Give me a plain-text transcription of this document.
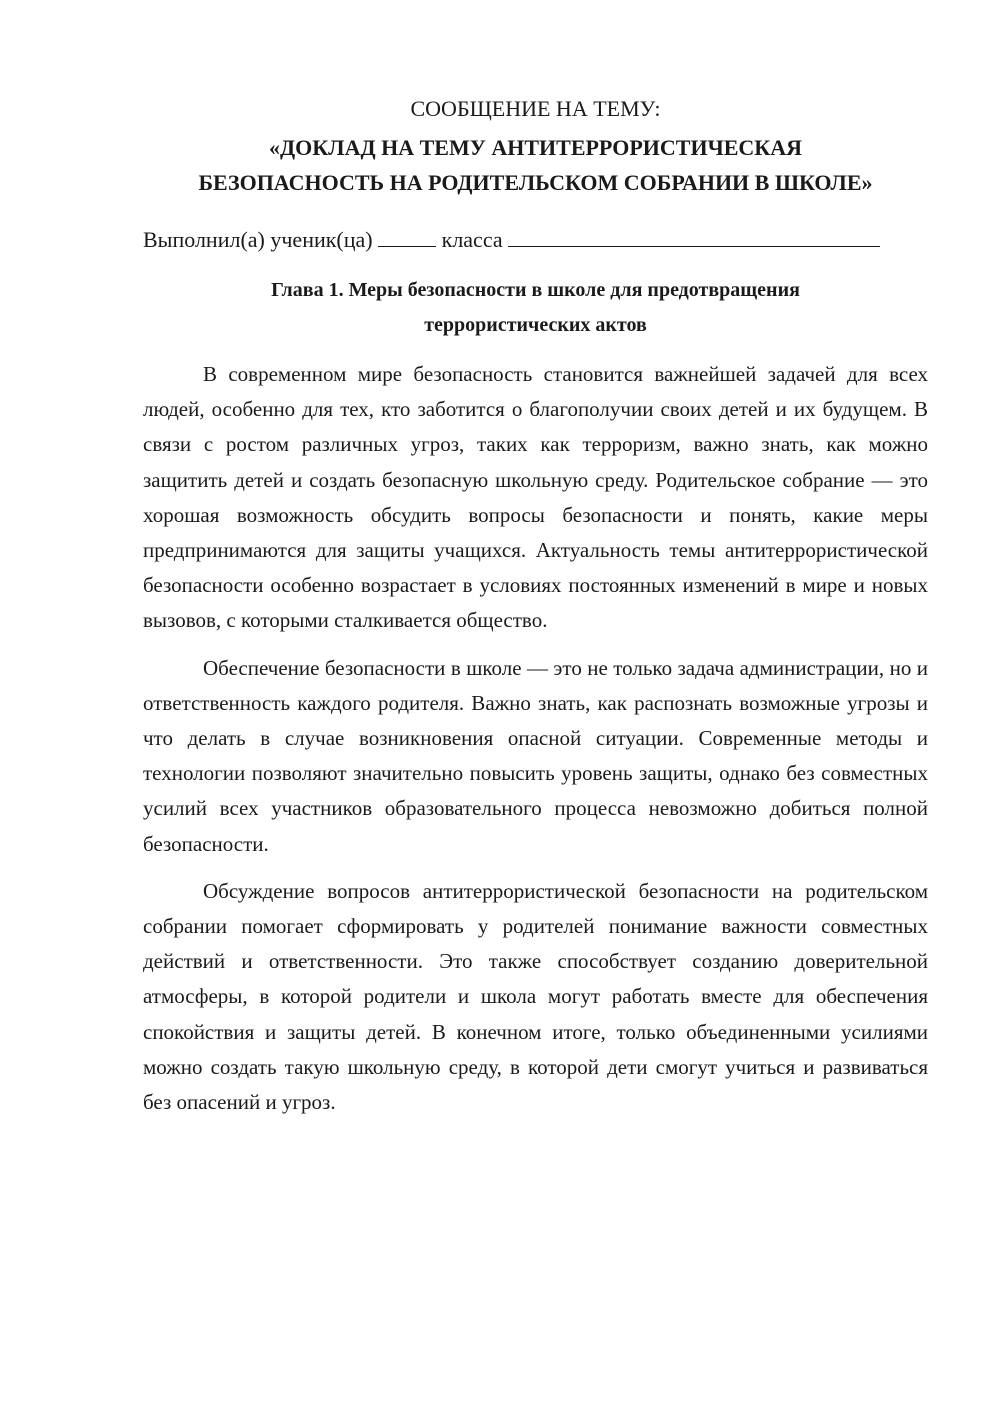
СООБЩЕНИЕ НА ТЕМУ:

«ДОКЛАД НА ТЕМУ АНТИТЕРРОРИСТИЧЕСКАЯ
БЕЗОПАСНОСТЬ НА РОДИТЕЛЬСКОМ СОБРАНИИ В ШКОЛЕ»

Выполнил(а) ученик(ца)	класса

Глава 1. Меры безопасности в школе для предотвращения
террористических актов

В современном мире безопасность становится важнейшей задачей для всех людей, особенно для тех, кто заботится о благополучии своих детей и их будущем. В связи с ростом различных угроз, таких как терроризм, важно знать, как можно защитить детей и создать безопасную школьную среду. Родительское собрание — это хорошая возможность обсудить вопросы безопасности и понять, какие меры предпринимаются для защиты учащихся. Актуальность темы антитеррористической безопасности особенно возрастает в условиях постоянных изменений в мире и новых вызовов, с которыми сталкивается общество.

Обеспечение безопасности в школе — это не только задача администрации, но и ответственность каждого родителя. Важно знать, как распознать возможные угрозы и что делать в случае возникновения опасной ситуации. Современные методы и технологии позволяют значительно повысить уровень защиты, однако без совместных усилий всех участников образовательного процесса невозможно добиться полной безопасности.

Обсуждение вопросов антитеррористической безопасности на родительском собрании помогает сформировать у родителей понимание важности совместных действий и ответственности. Это также способствует созданию доверительной атмосферы, в которой родители и школа могут работать вместе для обеспечения спокойствия и защиты детей. В конечном итоге, только объединенными усилиями можно создать такую школьную среду, в которой дети смогут учиться и развиваться без опасений и угроз.
